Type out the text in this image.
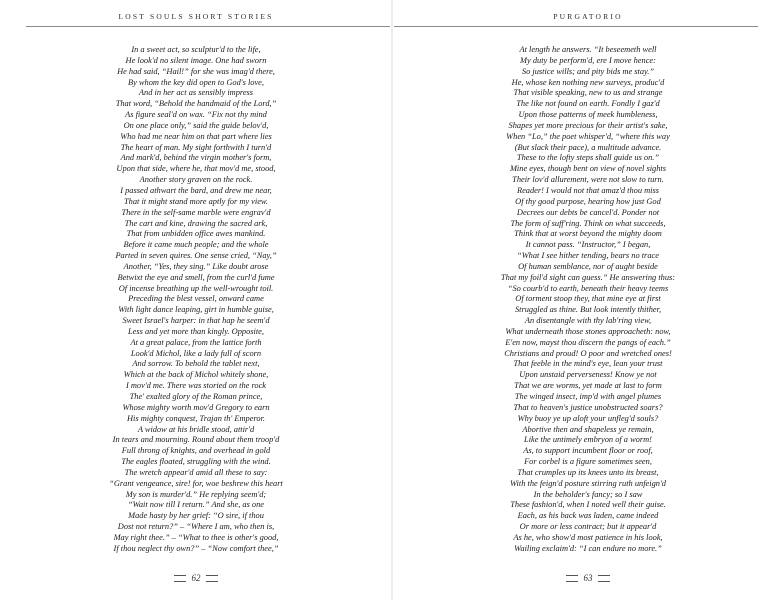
LOST SOULS SHORT STORIES
In a sweet act, so sculptur'd to the life,
He look'd no silent image. One had sworn
He had said, “Hail!” for she was imag'd there,
By whom the key did open to God's love,
And in her act as sensibly impress
That word, “Behold the handmaid of the Lord,”
As figure seal'd on wax. “Fix not thy mind
On one place only,” said the guide belov'd,
Who had me near him on that part where lies
The heart of man. My sight forthwith I turn'd
And mark'd, behind the virgin mother's form,
Upon that side, where he, that mov'd me, stood,
Another story graven on the rock.
I passed athwart the bard, and drew me near,
That it might stand more aptly for my view.
There in the self-same marble were engrav'd
The cart and kine, drawing the sacred ark,
That from unbidden office awes mankind.
Before it came much people; and the whole
Parted in seven quires. One sense cried, “Nay,”
Another, “Yes, they sing.” Like doubt arose
Betwixt the eye and smell, from the curl'd fume
Of incense breathing up the well-wrought toil.
Preceding the blest vessel, onward came
With light dance leaping, girt in humble guise,
Sweet Israel's harper: in that hap he seem'd
Less and yet more than kingly. Opposite,
At a great palace, from the lattice forth
Look'd Michol, like a lady full of scorn
And sorrow. To behold the tablet next,
Which at the back of Michol whitely shone,
I mov'd me. There was storied on the rock
The' exalted glory of the Roman prince,
Whose mighty worth mov'd Gregory to earn
His mighty conquest, Trajan th' Emperor.
A widow at his bridle stood, attir'd
In tears and mourning. Round about them troop'd
Full throng of knights, and overhead in gold
The eagles floated, struggling with the wind.
The wretch appear'd amid all these to say:
“Grant vengeance, sire! for, woe beshrew this heart
My son is murder'd.” He replying seem'd;
“Wait now till I return.” And she, as one
Made hasty by her grief: “O sire, if thou
Dost not return?” – “Where I am, who then is,
May right thee.” – “What to thee is other's good,
If thou neglect thy own?” – “Now comfort thee,”
62
PURGATORIO
At length he answers. “It beseemeth well
My duty be perform'd, ere I move hence:
So justice wills; and pity bids me stay.”
He, whose ken nothing new surveys, produc'd
That visible speaking, new to us and strange
The like not found on earth. Fondly I gaz'd
Upon those patterns of meek humbleness,
Shapes yet more precious for their artist's sake,
When “Lo,” the poet whisper'd, “where this way
(But slack their pace), a multitude advance.
These to the lofty steps shall guide us on.”
Mine eyes, though bent on view of novel sights
Their lov'd allurement, were not slow to turn.
Reader! I would not that amaz'd thou miss
Of thy good purpose, hearing how just God
Decrees our debts be cancel'd. Ponder not
The form of suff'ring. Think on what succeeds,
Think that at worst beyond the mighty doom
It cannot pass. “Instructor,” I began,
“What I see hither tending, bears no trace
Of human semblance, nor of aught beside
That my foil'd sight can guess.” He answering thus:
“So courb'd to earth, beneath their heavy teems
Of torment stoop they, that mine eye at first
Struggled as thine. But look intently thither,
An disentangle with thy lab'ring view,
What underneath those stones approacheth: now,
E'en now, mayst thou discern the pangs of each.”
Christians and proud! O poor and wretched ones!
That feeble in the mind's eye, lean your trust
Upon unstaid perverseness! Know ye not
That we are worms, yet made at last to form
The winged insect, imp'd with angel plumes
That to heaven's justice unobstructed soars?
Why buoy ye up aloft your unfleg'd souls?
Abortive then and shapeless ye remain,
Like the untimely embryon of a worm!
As, to support incumbent floor or roof,
For corbel is a figure sometimes seen,
That crumples up its knees unto its breast,
With the feign'd posture stirring ruth unfeign'd
In the beholder's fancy; so I saw
These fashion'd, when I noted well their guise.
Each, as his back was laden, came indeed
Or more or less contract; but it appear'd
As he, who show'd most patience in his look,
Wailing exclaim'd: “I can endure no more.”
63
